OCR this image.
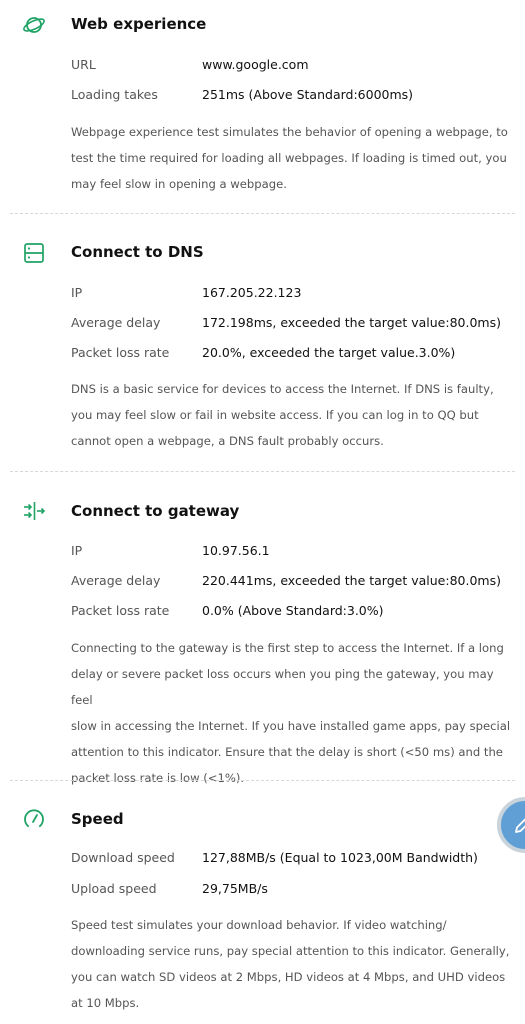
Web experience
URL	www.google.com
Loading takes	251ms (Above Standard:6000ms)
Webpage experience test simulates the behavior of opening a webpage, to
test the time required for loading all webpages. If loading is timed out, you
may feel slow in opening a webpage.
Connect to DNS
IP	167.205.22.123
Average delay	172.198ms, exceeded the target value:80.0ms)
Packet loss rate	20.0%, exceeded the target value.3.0%)
DNS is a basic service for devices to access the Internet. If DNS is faulty,
you may feel slow or fail in website access. If you can log in to QQ but
cannot open a webpage, a DNS fault probably occurs.
Connect to gateway
IP	10.97.56.1
Average delay	220.441ms, exceeded the target value:80.0ms)
Packet loss rate	0.0% (Above Standard:3.0%)
Connecting to the gateway is the first step to access the Internet. If a long
delay or severe packet loss occurs when you ping the gateway, you may feel
slow in accessing the Internet. If you have installed game apps, pay special
attention to this indicator. Ensure that the delay is short (<50 ms) and the
packet loss rate is low (<1%).
Speed
Download speed 127,88MB/s (Equal to 1023,00M Bandwidth)
Upload speed	29,75MB/s
Speed test simulates your download behavior. If video watching/
downloading service runs, pay special attention to this indicator. Generally,
you can watch SD videos at 2 Mbps, HD videos at 4 Mbps, and UHD videos
at 10 Mbps.
